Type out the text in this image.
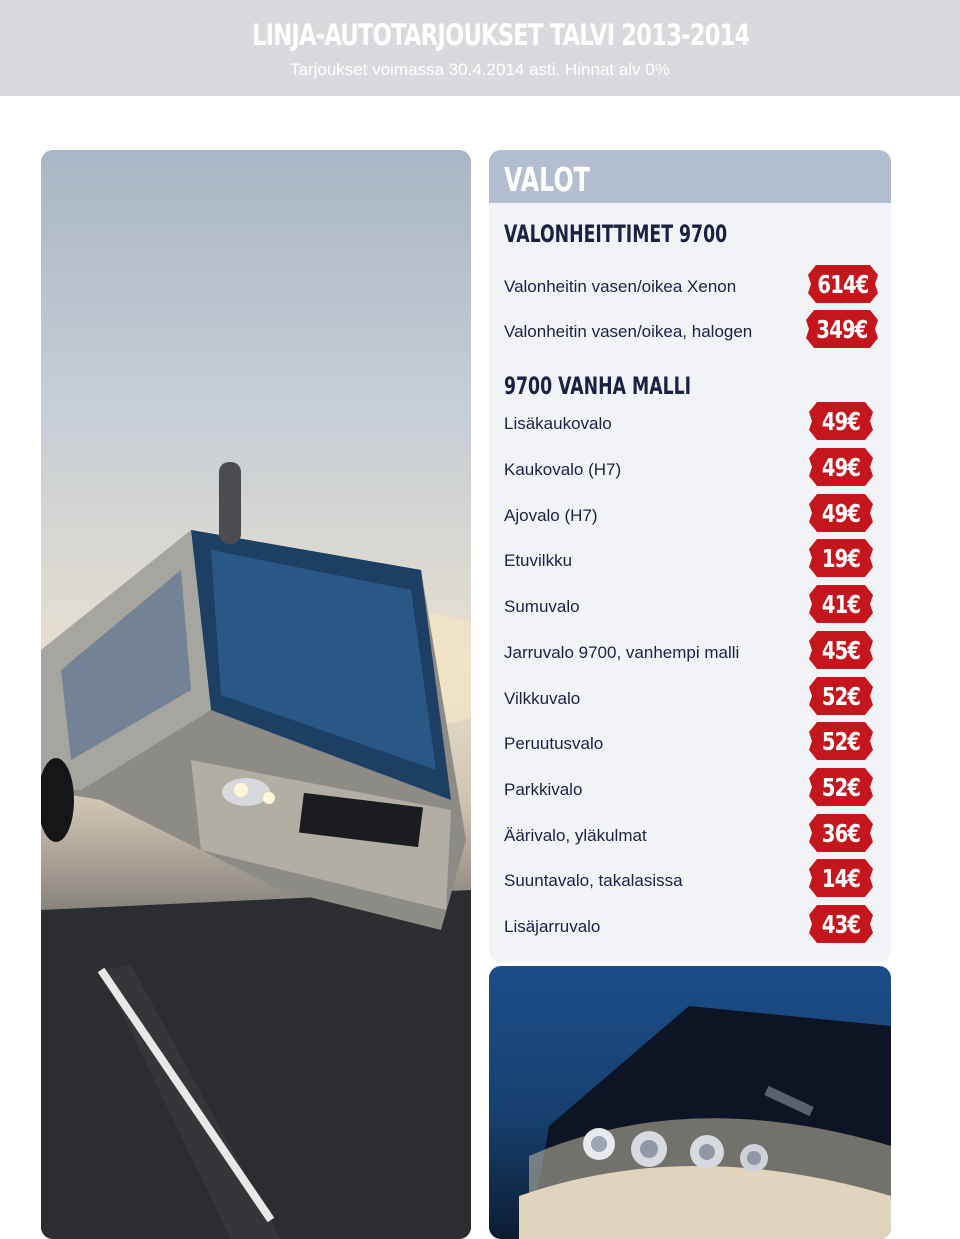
LINJA-AUTOTARJOUKSET TALVI 2013-2014
Tarjoukset voimassa 30.4.2014 asti. Hinnat alv 0%
VALOT
VALONHEITTIMET 9700
Valonheitin vasen/oikea Xenon	614€
Valonheitin vasen/oikea, halogen	349€
9700 VANHA MALLI
Lisäkaukovalo	49€
Kaukovalo (H7)	49€
Ajovalo (H7)	49€
Etuvilkku	19€
Sumuvalo	41€
Jarruvalo 9700, vanhempi malli	45€
Vilkkuvalo	52€
Peruutusvalo	52€
Parkkivalo	52€
Äärivalo, yläkulmat	36€
Suuntavalo, takalasissa	14€
Lisäjarruvalo	43€
